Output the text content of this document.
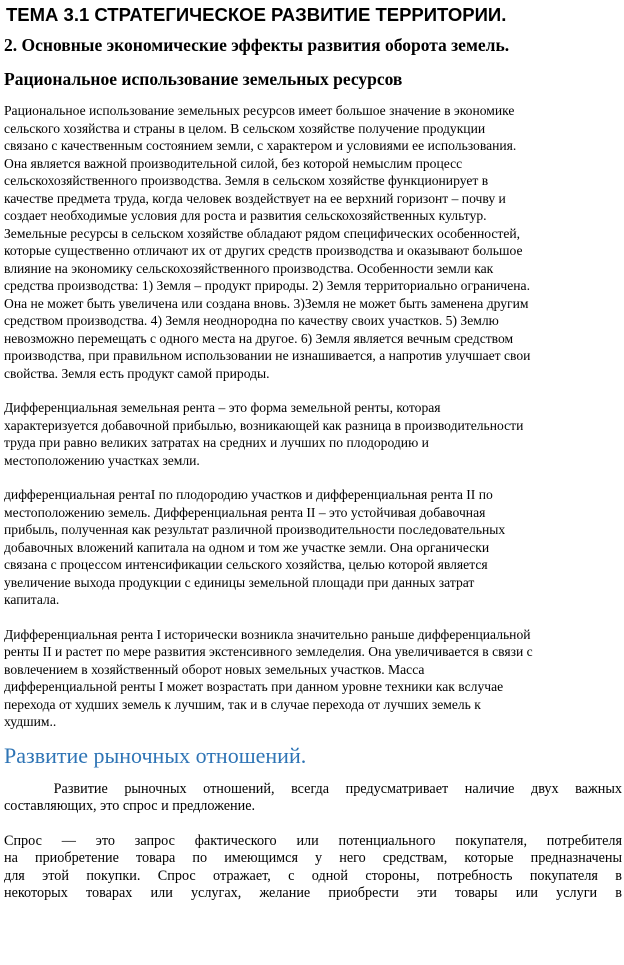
ТЕМА 3.1 СТРАТЕГИЧЕСКОЕ РАЗВИТИЕ ТЕРРИТОРИИ.
2. Основные экономические эффекты развития оборота земель.
Рациональное использование земельных ресурсов
Рациональное использование земельных ресурсов имеет большое значение в экономике
сельского хозяйства и страны в целом. В сельском хозяйстве получение продукции
связано с качественным состоянием земли, с характером и условиями ее использования.
Она является важной производительной силой, без которой немыслим процесс
сельскохозяйственного производства. Земля в сельском хозяйстве функционирует в
качестве предмета труда, когда человек воздействует на ее верхний горизонт – почву и
создает необходимые условия для роста и развития сельскохозяйственных культур.
Земельные ресурсы в сельском хозяйстве обладают рядом специфических особенностей,
которые существенно отличают их от других средств производства и оказывают большое
влияние на экономику сельскохозяйственного производства. Особенности земли как
средства производства: 1) Земля – продукт природы. 2) Земля территориально ограничена.
Она не может быть увеличена или создана вновь. 3)Земля не может быть заменена другим
средством производства. 4) Земля неоднородна по качеству своих участков. 5) Землю
невозможно перемещать с одного места на другое. 6) Земля является вечным средством
производства, при правильном использовании не изнашивается, а напротив улучшает свои
свойства. Земля есть продукт самой природы.
Дифференциальная земельная рента – это форма земельной ренты, которая
характеризуется добавочной прибылью, возникающей как разница в производительности
труда при равно великих затратах на средних и лучших по плодородию и
местоположению участках земли.
дифференциальная рентаI по плодородию участков и дифференциальная рента II по
местоположению земель. Дифференциальная рента II – это устойчивая добавочная
прибыль, полученная как результат различной производительности последовательных
добавочных вложений капитала на одном и том же участке земли. Она органически
связана с процессом интенсификации сельского хозяйства, целью которой является
увеличение выхода продукции с единицы земельной площади при данных затрат
капитала.
Дифференциальная рента I исторически возникла значительно раньше дифференциальной
ренты II и растет по мере развития экстенсивного земледелия. Она увеличивается в связи с
вовлечением в хозяйственный оборот новых земельных участков. Масса
дифференциальной ренты I может возрастать при данном уровне техники как вслучае
перехода от худших земель к лучшим, так и в случае перехода от лучших земель к
худшим..
Развитие рыночных отношений.

Развитие рыночных отношений, всегда предусматривает наличие двух важных

составляющих, это спрос и предложение.

Спрос — это запрос фактического или потенциального покупателя, потребителя

на приобретение товара по имеющимся у него средствам, которые предназначены

для этой покупки. Спрос отражает, с одной стороны, потребность покупателя в

некоторых товарах или услугах, желание приобрести эти товары или услуги в
